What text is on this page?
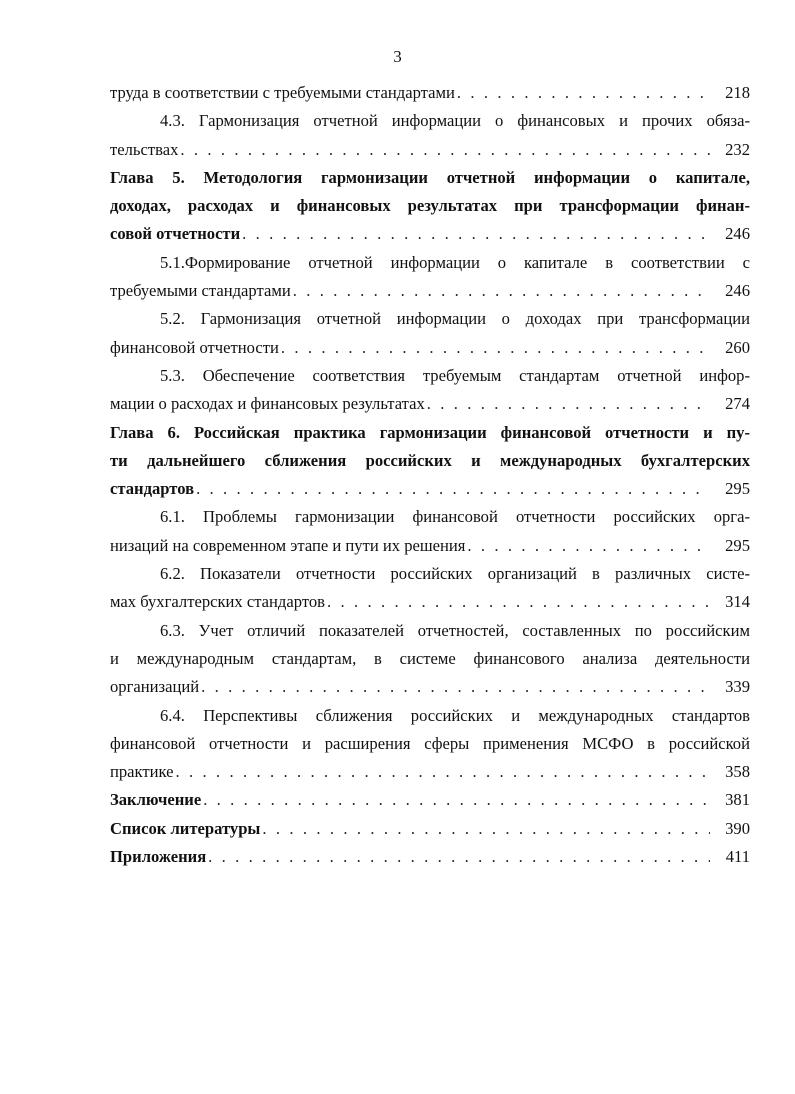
3
труда в соответствии с требуемыми стандартами . . .	218
4.3. Гармонизация отчетной информации о финансовых и прочих обяза-
тельствах . . .	232
Глава 5. Методология гармонизации отчетной информации о капитале,
доходах, расходах и финансовых результатах при трансформации финан-
совой отчетности . . .	246
5.1.Формирование отчетной информации о капитале в соответствии с
требуемыми стандартами . . .	246
5.2. Гармонизация отчетной информации о доходах при трансформации
финансовой отчетности . . .	260
5.3. Обеспечение соответствия требуемым стандартам отчетной инфор-
мации о расходах и финансовых результатах . . .	274
Глава 6. Российская практика гармонизации финансовой отчетности и пу-
ти дальнейшего сближения российских и международных бухгалтерских
стандартов . . .	295
6.1. Проблемы гармонизации финансовой отчетности российских орга-
низаций на современном этапе и пути их решения . . .	295
6.2. Показатели отчетности российских организаций в различных систе-
мах бухгалтерских стандартов . . .	314
6.3. Учет отличий показателей отчетностей, составленных по российским
и международным стандартам, в системе финансового анализа деятельности
организаций . . .	339
6.4. Перспективы сближения российских и международных стандартов
финансовой отчетности и расширения сферы применения МСФО в российской
практике . . .	358
Заключение . . .	381
Список литературы . . .	390
Приложения . . .	411
